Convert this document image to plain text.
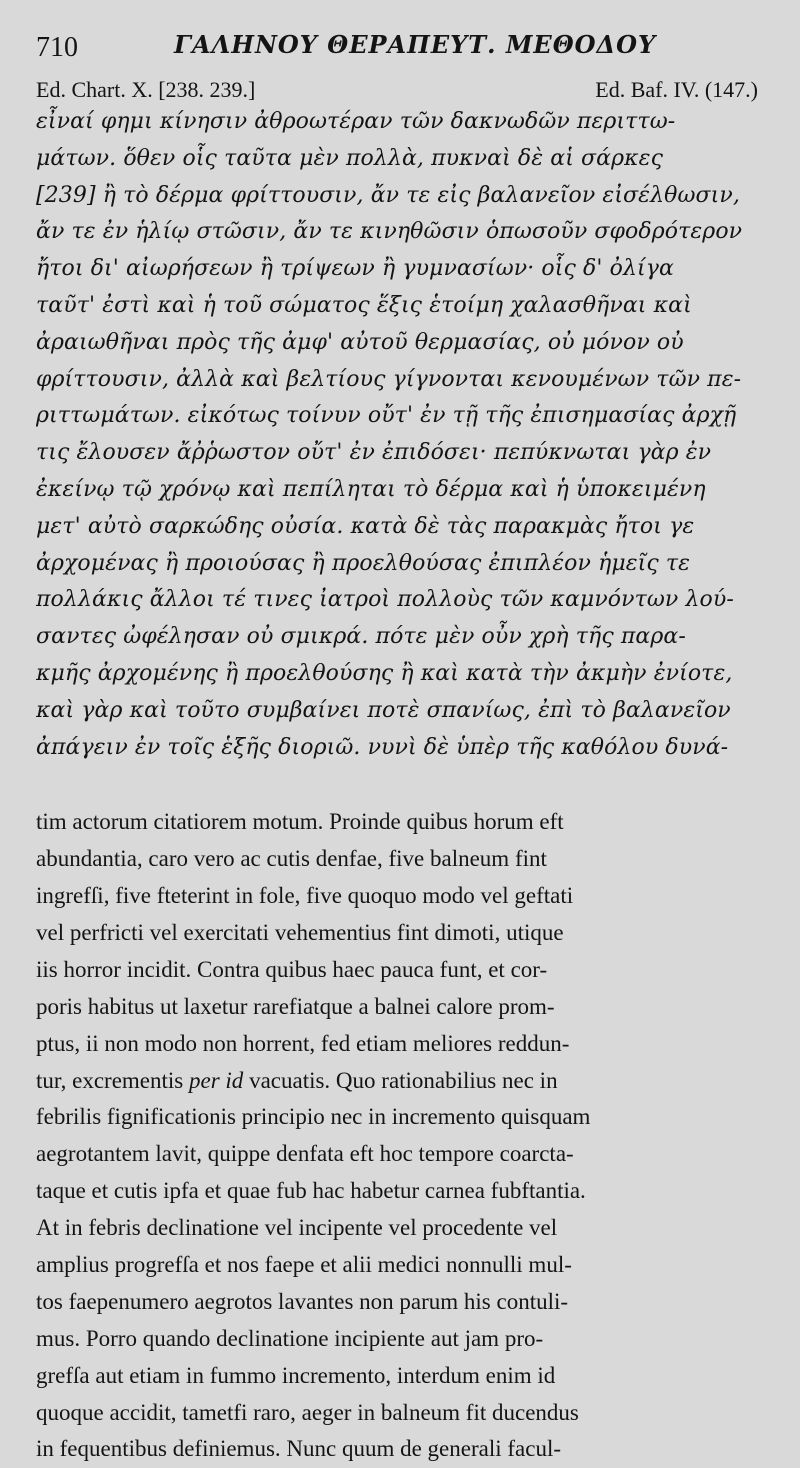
710	ΓΑΛΗΝΟΥ ΘΕΡΑΠΕΥΤ. ΜΕΘΟΔΟΥ
Ed. Chart. X. [238. 239.]	Ed. Baf. IV. (147.)
εἶναί φημι κίνησιν ἀθροωτέραν τῶν δακνωδῶν περιττω-
μάτων. ὅθεν οἷς ταῦτα μὲν πολλὰ, πυκναὶ δὲ αἱ σάρκες
[239] ἢ τὸ δέρμα φρίττουσιν, ἄν τε εἰς βαλανεῖον εἰσέλθωσιν,
ἄν τε ἐν ἡλίῳ στῶσιν, ἄν τε κινηθῶσιν ὁπωσοῦν σφοδρότερον
ἤτοι δι' αἰωρήσεων ἢ τρίψεων ἢ γυμνασίων· οἷς δ' ὀλίγα
ταῦτ' ἐστὶ καὶ ἡ τοῦ σώματος ἕξις ἑτοίμη χαλασθῆναι καὶ
ἀραιωθῆναι πρὸς τῆς ἀμφ' αὐτοῦ θερμασίας, οὐ μόνον οὐ
φρίττουσιν, ἀλλὰ καὶ βελτίους γίγνονται κενουμένων τῶν πε-
ριττωμάτων. εἰκότως τοίνυν οὔτ' ἐν τῇ τῆς ἐπισημασίας ἀρχῇ
τις ἔλουσεν ἄῤῥωστον οὔτ' ἐν ἐπιδόσει· πεπύκνωται γὰρ ἐν
ἐκείνῳ τῷ χρόνῳ καὶ πεπίληται τὸ δέρμα καὶ ἡ ὑποκειμένη
μετ' αὐτὸ σαρκώδης οὐσία. κατὰ δὲ τὰς παρακμὰς ἤτοι γε
ἀρχομένας ἢ προιούσας ἢ προελθούσας ἐπιπλέον ἡμεῖς τε
πολλάκις ἄλλοι τέ τινες ἰατροὶ πολλοὺς τῶν καμνόντων λού-
σαντες ὠφέλησαν οὐ σμικρά. πότε μὲν οὖν χρὴ τῆς παρα-
κμῆς ἀρχομένης ἢ προελθούσης ἢ καὶ κατὰ τὴν ἀκμὴν ἐνίοτε,
καὶ γὰρ καὶ τοῦτο συμβαίνει ποτὲ σπανίως, ἐπὶ τὸ βαλανεῖον
ἀπάγειν ἐν τοῖς ἑξῆς διοριῶ. νυνὶ δὲ ὑπὲρ τῆς καθόλου δυνά-
tim actorum citatiorem motum. Proinde quibus horum eft
abundantia, caro vero ac cutis denfae, five balneum fint
ingrefſi, five fteterint in fole, five quoquo modo vel geftati
vel perfricti vel exercitati vehementius fint dimoti, utique
iis horror incidit. Contra quibus haec pauca funt, et cor-
poris habitus ut laxetur rarefiatque a balnei calore prom-
ptus, ii non modo non horrent, fed etiam meliores reddun-
tur, excrementis per id vacuatis. Quo rationabilius nec in
febrilis fignificationis principio nec in incremento quisquam
aegrotantem lavit, quippe denfata eft hoc tempore coarcta-
taque et cutis ipfa et quae fub hac habetur carnea fubftantia.
At in febris declinatione vel incipente vel procedente vel
amplius progrefſa et nos faepe et alii medici nonnulli mul-
tos faepenumero aegrotos lavantes non parum his contuli-
mus. Porro quando declinatione incipiente aut jam pro-
grefſa aut etiam in fummo incremento, interdum enim id
quoque accidit, tametfi raro, aeger in balneum fit ducendus
in fequentibus definiemus. Nunc quum de generali facul-
